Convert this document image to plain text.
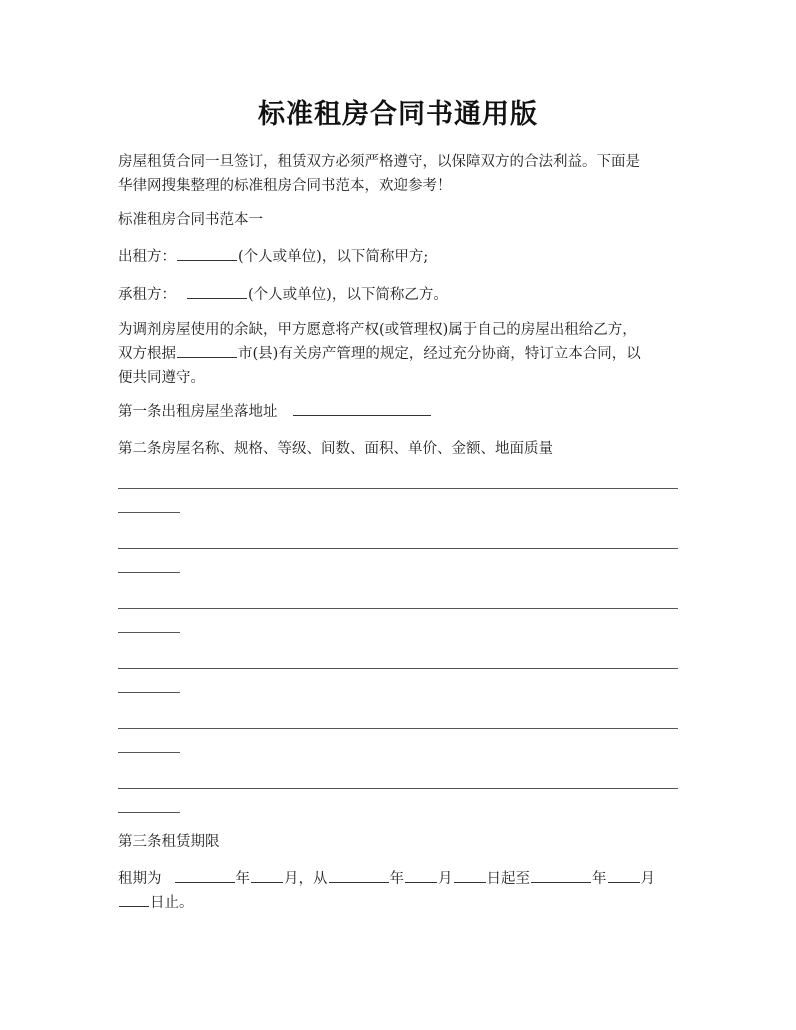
标准租房合同书通用版
房屋租赁合同一旦签订，租赁双方必须严格遵守，以保障双方的合法利益。下面是
华律网搜集整理的标准租房合同书范本，欢迎参考！
标准租房合同书范本一
出租方：	(个人或单位)，以下简称甲方;
承租方：	(个人或单位)，以下简称乙方。
为调剂房屋使用的余缺，甲方愿意将产权(或管理权)属于自己的房屋出租给乙方，
双方根据	市(县)有关房产管理的规定，经过充分协商，特订立本合同，以
便共同遵守。
第一条出租房屋坐落地址
第二条房屋名称、规格、等级、间数、面积、单价、金额、地面质量
第三条租赁期限
租期为	年 月，从	年 月 日起至	年 月
日止。
